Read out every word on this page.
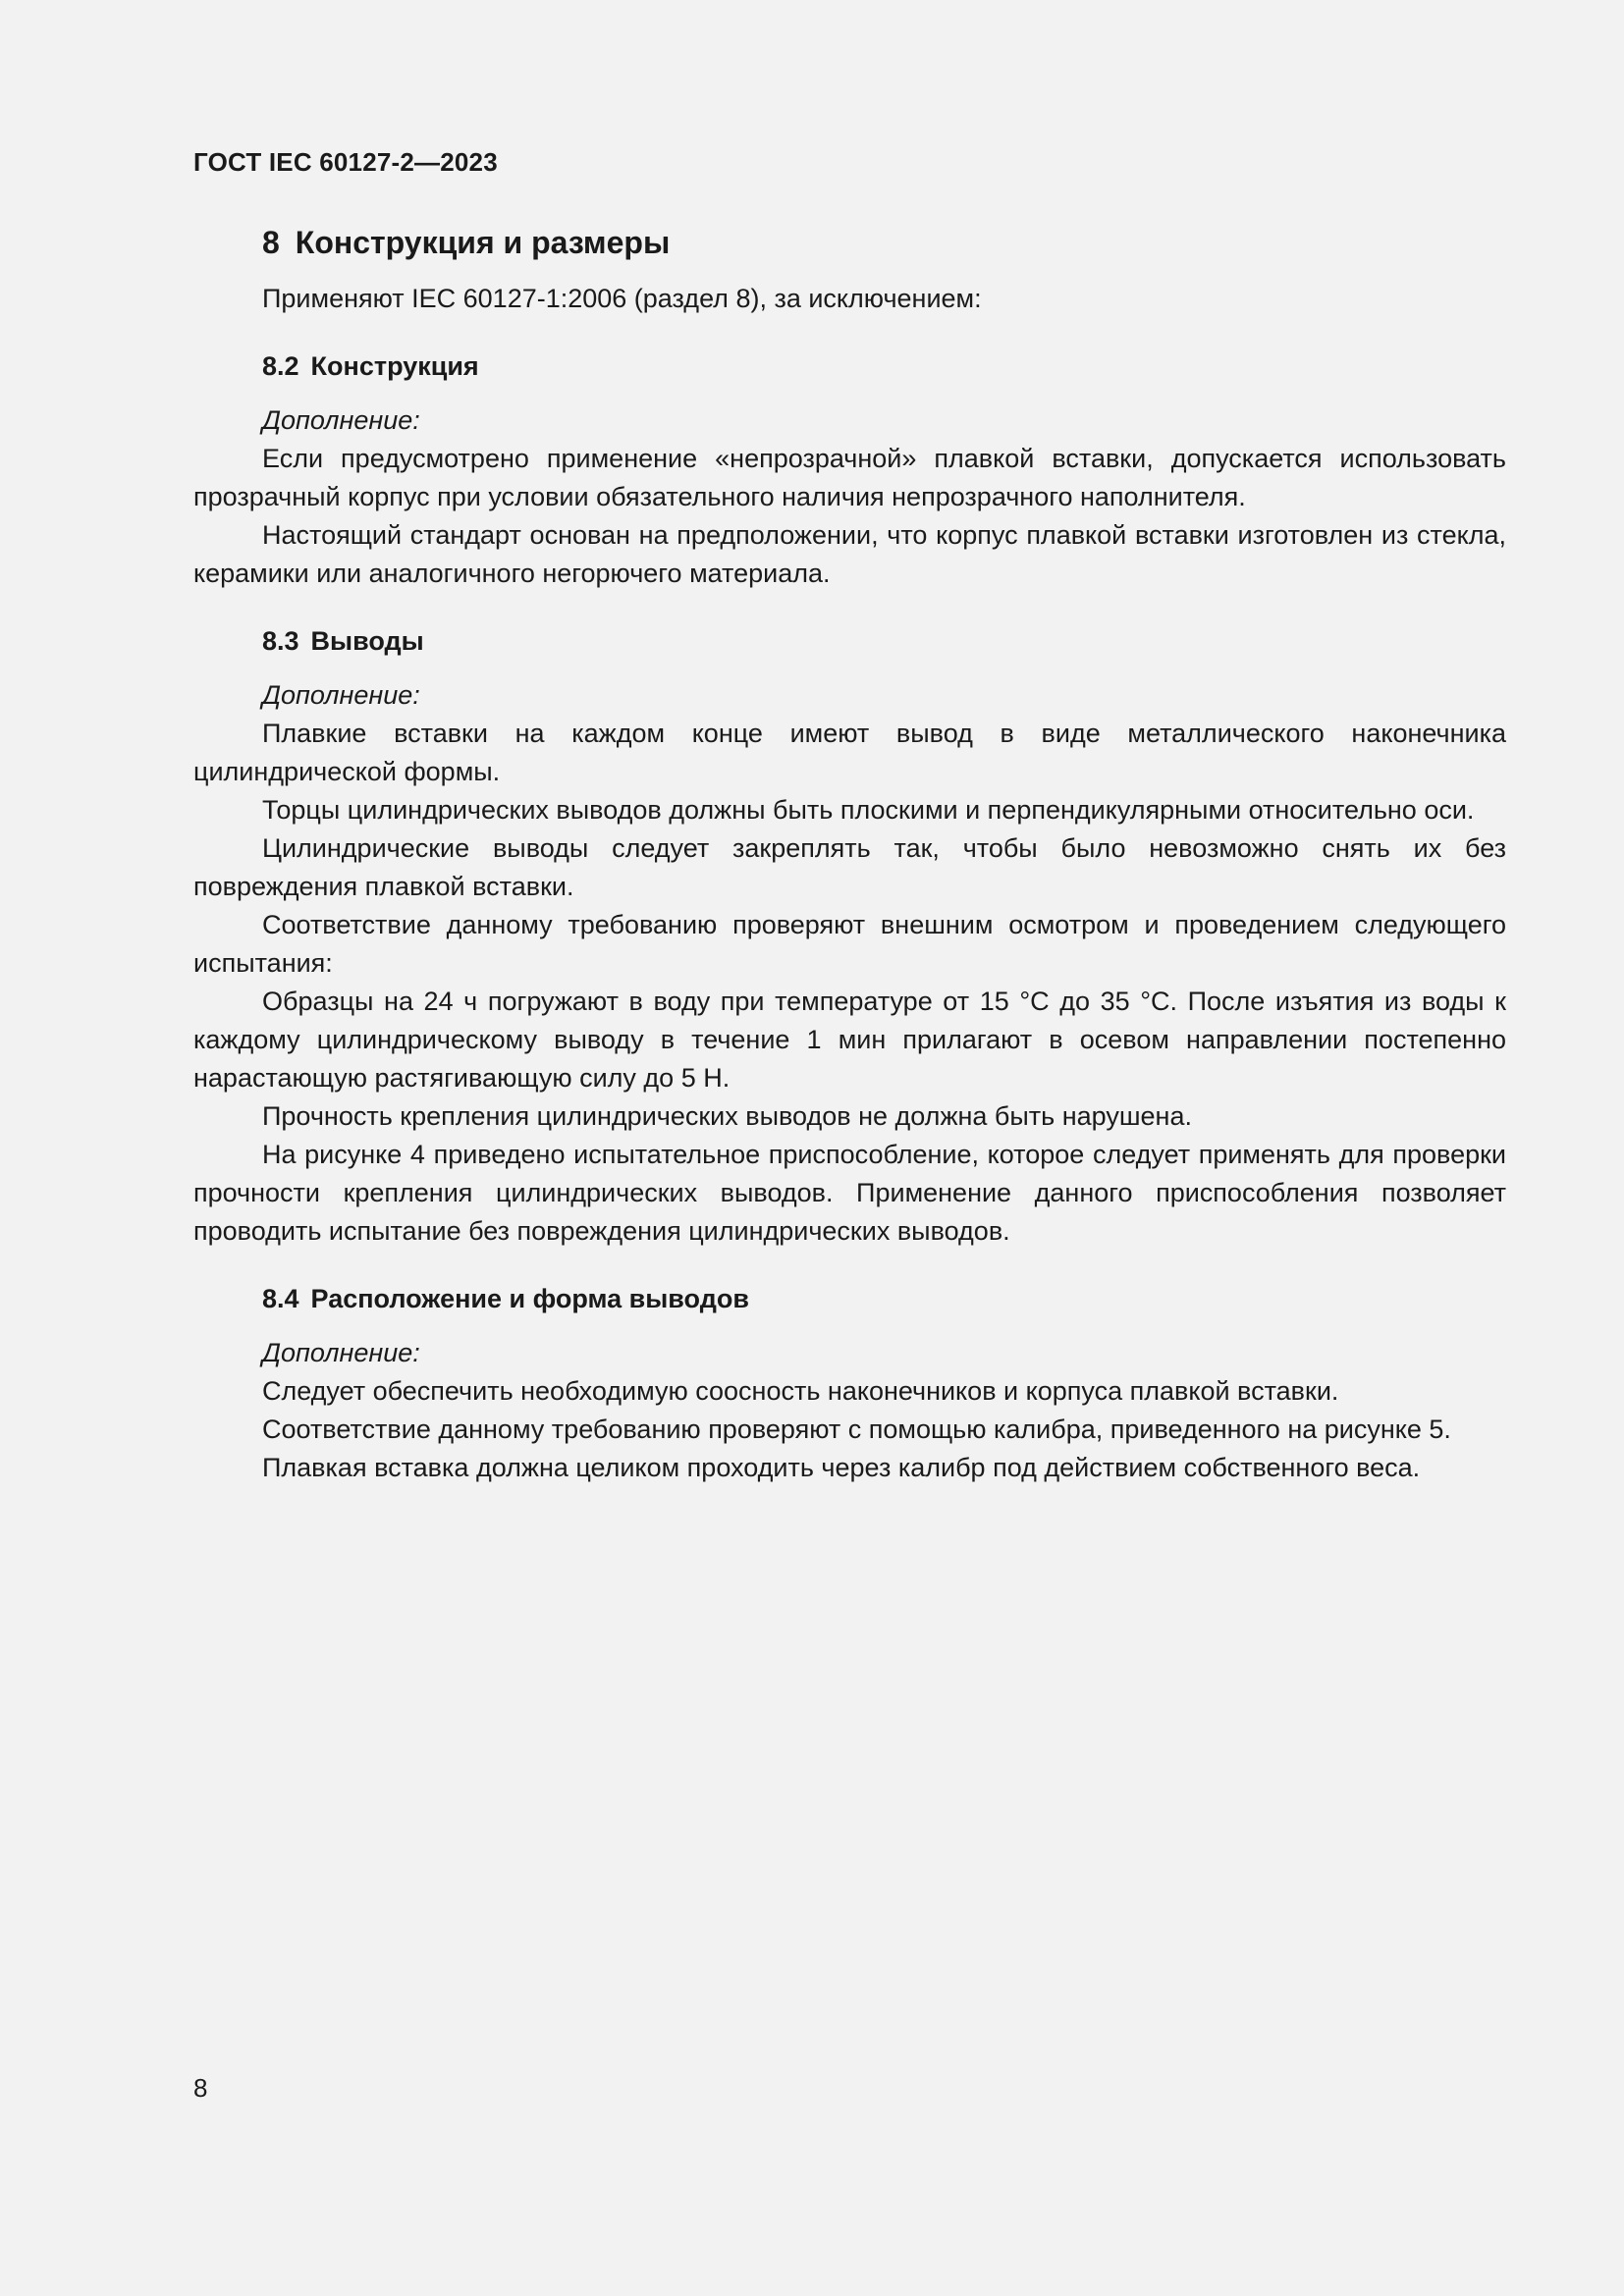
ГОСТ IEC 60127-2—2023
8 Конструкция и размеры

Применяют IEC 60127-1:2006 (раздел 8), за исключением:

8.2 Конструкция
Дополнение:

Если предусмотрено применение «непрозрачной» плавкой вставки, допускается использовать прозрачный корпус при условии обязательного наличия непрозрачного наполнителя.

Настоящий стандарт основан на предположении, что корпус плавкой вставки изготовлен из стекла, керамики или аналогичного негорючего материала.

8.3 Выводы
Дополнение:

Плавкие вставки на каждом конце имеют вывод в виде металлического наконечника цилиндрической формы.

Торцы цилиндрических выводов должны быть плоскими и перпендикулярными относительно оси.

Цилиндрические выводы следует закреплять так, чтобы было невозможно снять их без повреждения плавкой вставки.

Соответствие данному требованию проверяют внешним осмотром и проведением следующего испытания:

Образцы на 24 ч погружают в воду при температуре от 15 °С до 35 °С. После изъятия из воды к каждому цилиндрическому выводу в течение 1 мин прилагают в осевом направлении постепенно нарастающую растягивающую силу до 5 Н.

Прочность крепления цилиндрических выводов не должна быть нарушена.

На рисунке 4 приведено испытательное приспособление, которое следует применять для проверки прочности крепления цилиндрических выводов. Применение данного приспособления позволяет проводить испытание без повреждения цилиндрических выводов.

8.4 Расположение и форма выводов
Дополнение:

Следует обеспечить необходимую соосность наконечников и корпуса плавкой вставки.

Соответствие данному требованию проверяют с помощью калибра, приведенного на рисунке 5.

Плавкая вставка должна целиком проходить через калибр под действием собственного веса.

8
